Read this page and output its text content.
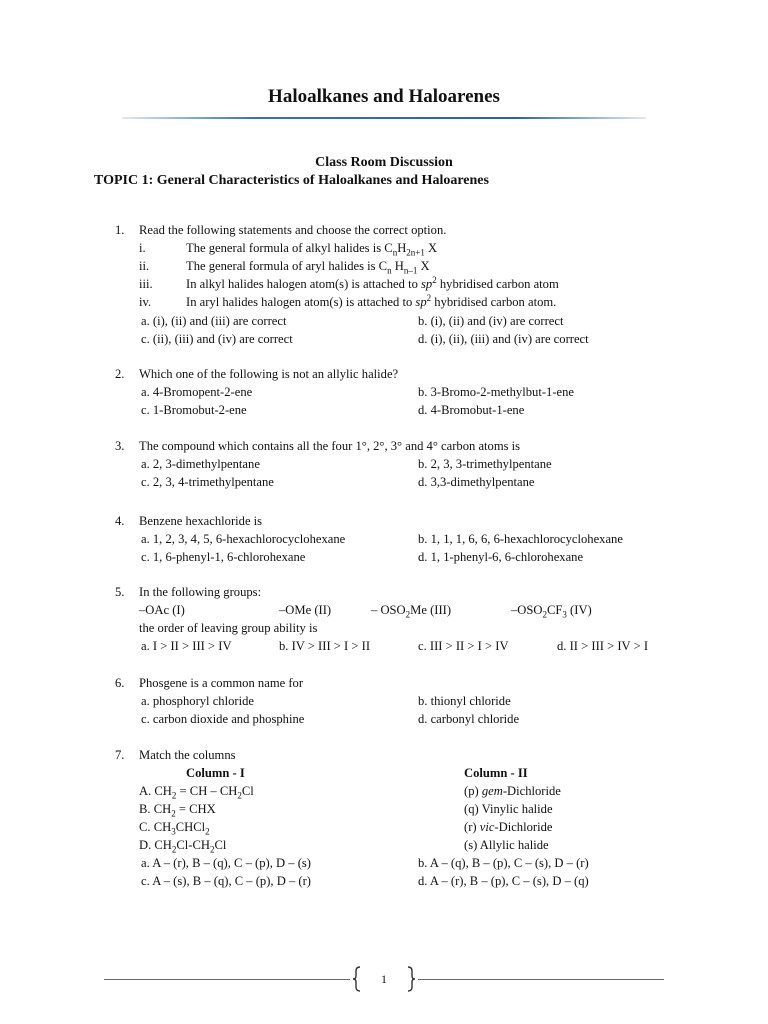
Haloalkanes and Haloarenes
Class Room Discussion
TOPIC 1: General Characteristics of Haloalkanes and Haloarenes
1. Read the following statements and choose the correct option.
i.	The general formula of alkyl halides is $C_nH_{2n+1}$ X
ii.	The general formula of aryl halides is $C_n$ $H_{n-1}$ X
iii.	In alkyl halides halogen atom(s) is attached to $sp^2$ hybridised carbon atom
iv.	In aryl halides halogen atom(s) is attached to $sp^2$ hybridised carbon atom.
a. (i), (ii) and (iii) are correct	b. (i), (ii) and (iv) are correct
c. (ii), (iii) and (iv) are correct	d. (i), (ii), (iii) and (iv) are correct
2. Which one of the following is not an allylic halide?
a. 4-Bromopent-2-ene	b. 3-Bromo-2-methylbut-1-ene
c. 1-Bromobut-2-ene	d. 4-Bromobut-1-ene
3. The compound which contains all the four 1°, 2°, 3° and 4° carbon atoms is
a. 2, 3-dimethylpentane	b. 2, 3, 3-trimethylpentane
c. 2, 3, 4-trimethylpentane	d. 3,3-dimethylpentane
4. Benzene hexachloride is
a. 1, 2, 3, 4, 5, 6-hexachlorocyclohexane	b. 1, 1, 1, 6, 6, 6-hexachlorocyclohexane
c. 1, 6-phenyl-1, 6-chlorohexane	d. 1, 1-phenyl-6, 6-chlorohexane
5. In the following groups:
–OAc (I)	–OMe (II)	– $OSO_2Me$ (III)	$-OSO_2CF_3$ (IV)
the order of leaving group ability is
a. I > II > III > IV	b. IV > III > I > II	c. III > II > I > IV	d. II > III > IV > I
6. Phosgene is a common name for
a. phosphoryl chloride	b. thionyl chloride
c. carbon dioxide and phosphine	d. carbonyl chloride
7. Match the columns
Column - I	Column - II
A. $CH_2$ = CH – $CH_2Cl$	(p) gem-Dichloride
B. $CH_2$ = CHX	(q) Vinylic halide
C. $CH_3CHCl_2$	(r) vic-Dichloride
D. $CH_2Cl-CH_2Cl$	(s) Allylic halide
a. A – (r), B – (q), C – (p), D – (s)	b. A – (q), B – (p), C – (s), D – (r)
c. A – (s), B – (q), C – (p), D – (r)	d. A – (r), B – (p), C – (s), D – (q)
1
